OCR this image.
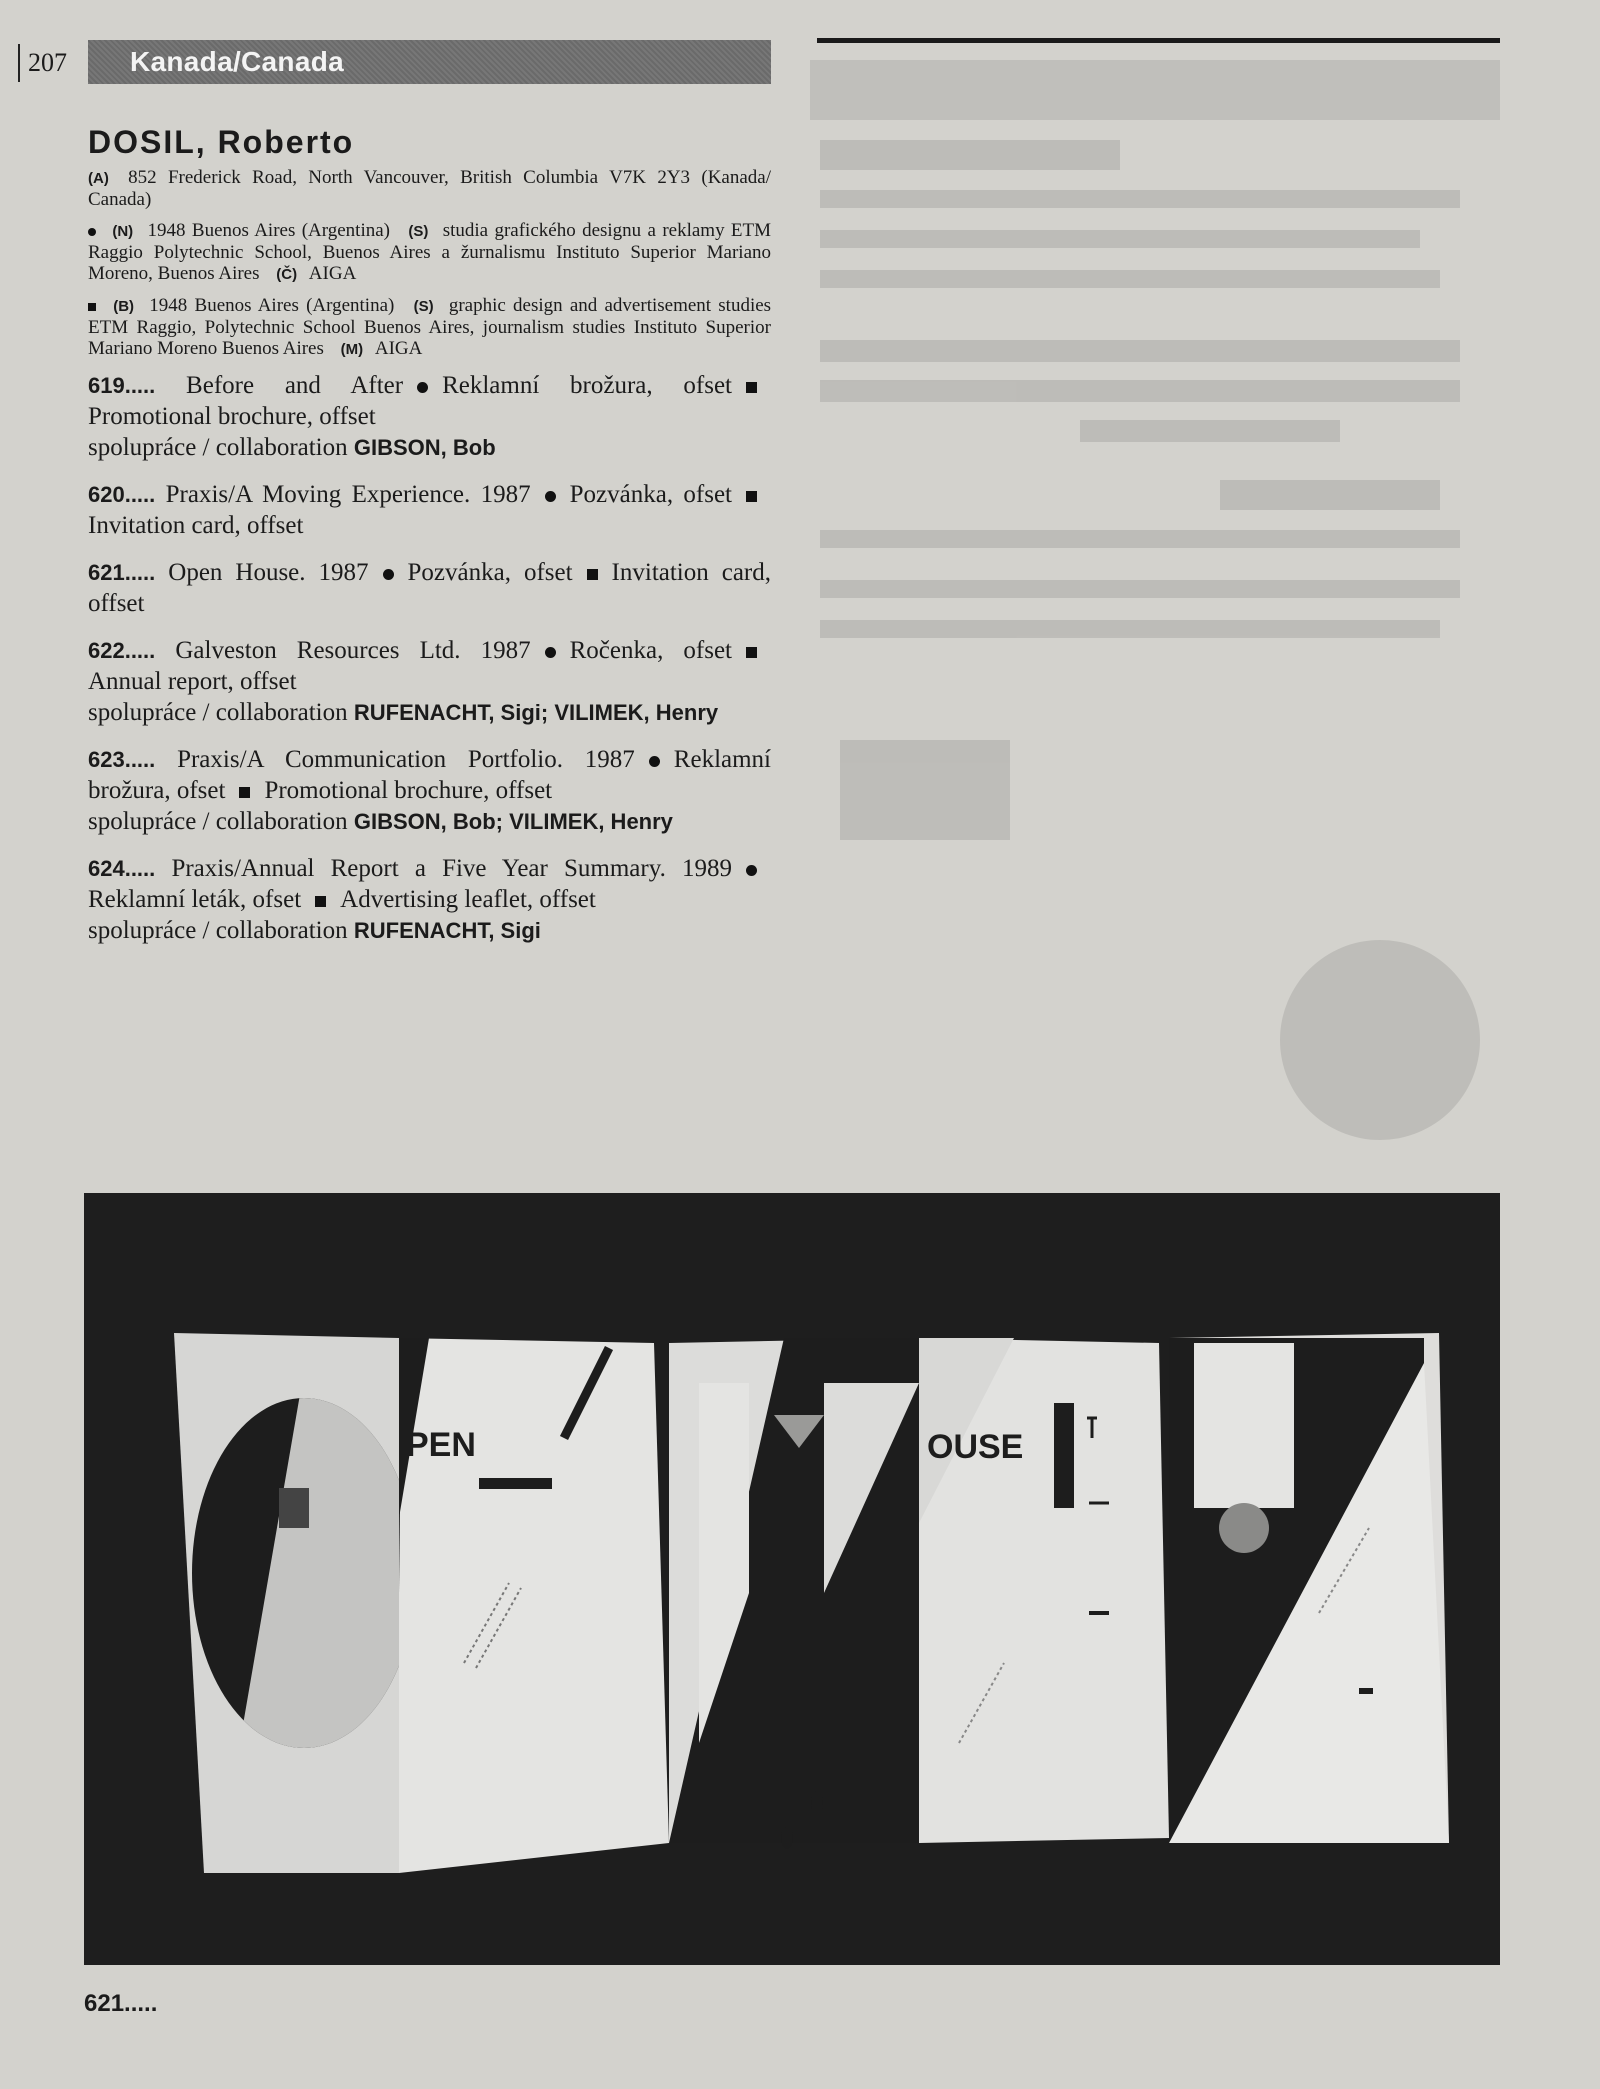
207	Kanada/Canada
DOSIL, Roberto

(A) 852 Frederick Road, North Vancouver, British Columbia V7K 2Y3 (Kanada/ Canada)

(N) 1948 Buenos Aires (Argentina) (S) studia grafického designu a reklamy ETM Raggio Polytechnic School, Buenos Aires a žurnalismu Instituto Superior Mariano Moreno, Buenos Aires (Č) AIGA

(B) 1948 Buenos Aires (Argentina) (S) graphic design and advertisement studies ETM Raggio, Polytechnic School Buenos Aires, journalism studies Instituto Superior Mariano Moreno Buenos Aires (M) AIGA

619..... Before and After Reklamní brožura, ofsetPromotional brochure, offset
spolupráce / collaboration GIBSON, Bob
620..... Praxis/A Moving Experience. 1987 Pozvánka, ofsetInvitation card, offset
621..... Open House. 1987 Pozvánka, ofset Invitation card, offset
622..... Galveston Resources Ltd. 1987 Ročenka, ofsetAnnual report, offset
spolupráce / collaboration RUFENACHT, Sigi; VILIMEK, Henry
623..... Praxis/A Communication Portfolio. 1987 Reklamní brožura, ofset Promotional brochure, offset
spolupráce / collaboration GIBSON, Bob; VILIMEK, Henry
624..... Praxis/Annual Report a Five Year Summary. 1989Reklamní leták, ofset Advertising leaflet, offset
spolupráce / collaboration RUFENACHT, Sigi
PEN	OUSE
621.....
